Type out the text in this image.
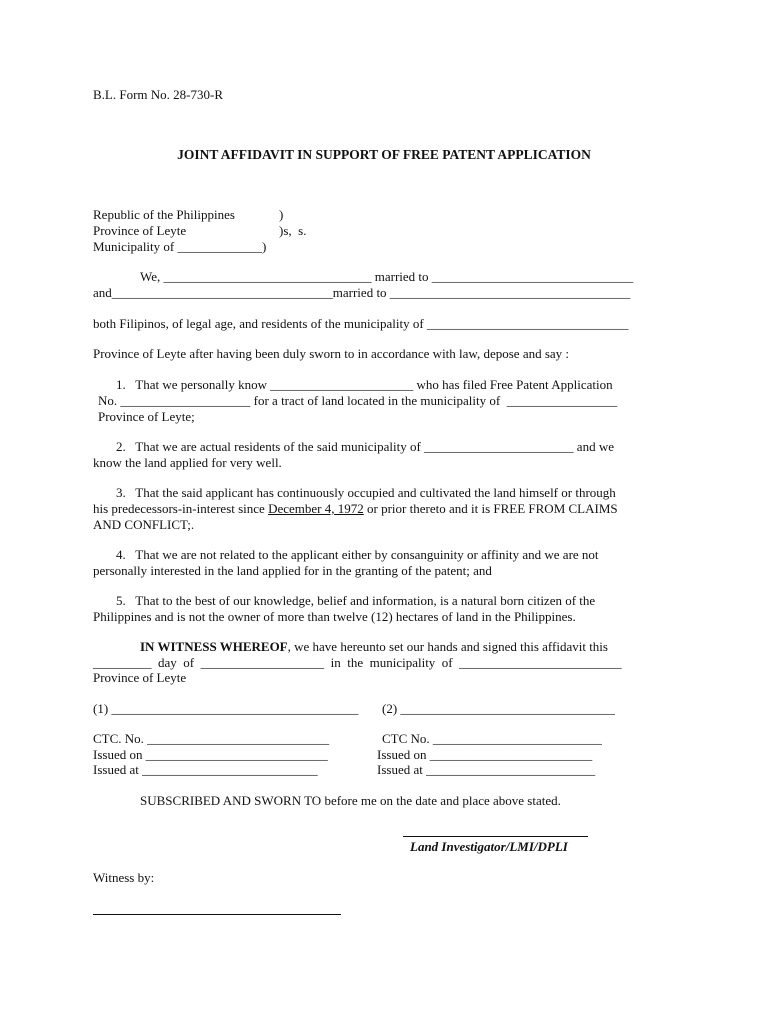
B.L. Form No. 28-730-R
JOINT AFFIDAVIT IN SUPPORT OF FREE PATENT APPLICATION
Republic of the Philippines	)
Province of Leyte	)s,  s.
Municipality of _____________)
We, ________________________________ married to _______________________________
and__________________________________married to _____________________________________
both Filipinos, of legal age, and residents of the municipality of _______________________________
Province of Leyte after having been duly sworn to in accordance with law, depose and say :
1.   That we personally know ______________________ who has filed Free Patent Application
No. ____________________ for a tract of land located in the municipality of  _________________
Province of Leyte;
2.   That we are actual residents of the said municipality of _______________________ and we
know the land applied for very well.
3.   That the said applicant has continuously occupied and cultivated the land himself or through
his predecessors-in-interest since December 4, 1972 or prior thereto and it is FREE FROM CLAIMS
AND CONFLICT;.
4.   That we are not related to the applicant either by consanguinity or affinity and we are not
personally interested in the land applied for in the granting of the patent; and
5.   That to the best of our knowledge, belief and information, is a natural born citizen of the
Philippines and is not the owner of more than twelve (12) hectares of land in the Philippines.
IN WITNESS WHEREOF, we have hereunto set our hands and signed this affidavit this
_________  day  of  ___________________  in  the  municipality  of  _________________________
Province of Leyte
(1) ______________________________________ (2) _________________________________
CTC. No. ____________________________
Issued on ____________________________
Issued at ___________________________
CTC No. __________________________
Issued on _________________________
Issued at __________________________
SUBSCRIBED AND SWORN TO before me on the date and place above stated.
Land Investigator/LMI/DPLI
Witness by:
